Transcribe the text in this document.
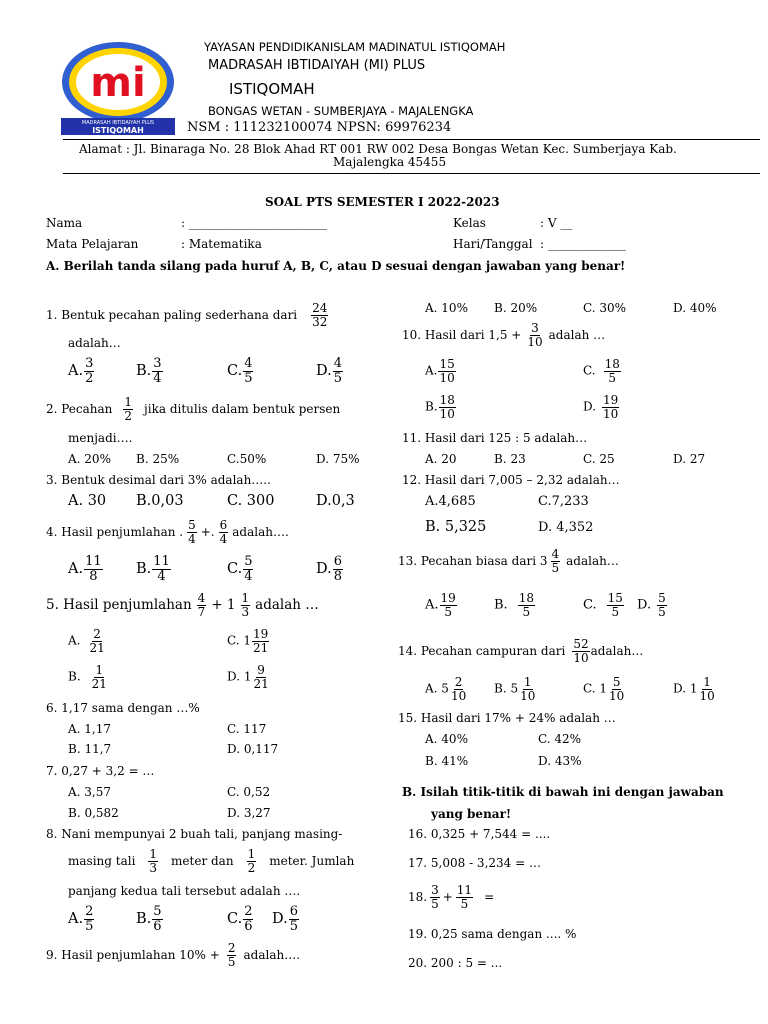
mi
MADRASAH IBTIDAIYAH PLUS
ISTIQOMAH
YAYASAN PENDIDIKANISLAM MADINATUL ISTIQOMAH
MADRASAH IBTIDAIYAH (MI) PLUS
ISTIQOMAH
BONGAS WETAN - SUMBERJAYA - MAJALENGKA
NSM : 111232100074 NPSN: 69976234
Alamat : Jl. Binaraga No. 28 Blok Ahad RT 001 RW 002 Desa Bongas Wetan Kec. Sumberjaya Kab.
Majalengka 45455
SOAL PTS SEMESTER I 2022-2023
Nama	: _______________________	Kelas	: V __
Mata Pelajaran	: Matematika	Hari/Tanggal : _____________
A. Berilah tanda silang pada huruf A, B, C, atau D sesuai dengan jawaban yang benar!
1. Bentuk pecahan paling sederhana dari $\frac{24}{32}$
adalah…
A. $\frac{3}{2}$	B. $\frac{3}{4}$	C. $\frac{4}{5}$	D. $\frac{4}{5}$
2. Pecahan $\frac{1}{2}$ jika ditulis dalam bentuk persen
menjadi….
A. 20% B. 25%	C.50%	D. 75%
3. Bentuk desimal dari 3% adalah…..
A. 30 B.0,03	C. 300	D.0,3
4. Hasil penjumlahan . $\frac{5}{4}$ +. $\frac{6}{4}$ adalah….
A. $\frac{11}{8} B$. $\frac{11}{4}$	C. $\frac{5}{4}$	D. $\frac{6}{8}$
5. Hasil penjumlahan $\frac{4}{7} + 1 \frac{1}{3}$ adalah …
A. $\frac{2}{21}$	C. $1 \frac{19}{21}$
B. $\frac{1}{21}$	D. $1 \frac{9}{21}$
6. 1,17 sama dengan …%
A. 1,17	C. 117
B. 11,7	D. 0,117
7. 0,27 + 3,2 = …
A. 3,57	C. 0,52
B. 0,582	D. 3,27
8. Nani mempunyai 2 buah tali, panjang masing-
masing tali $\frac{1}{3}$ meter dan $\frac{1}{2}$ meter. Jumlah
panjang kedua tali tersebut adalah ….
A. $\frac{2}{5}$	B. $\frac{5}{6}$	C. $\frac{2}{6} D$. $\frac{6}{5}$
9. Hasil penjumlahan $10\% + \frac{2}{5}$ adalah….
A. 10% B. 20%	C. 30%	D. 40%
10. Hasil dari $1,5 + \frac{3}{10}$ adalah …
A. $\frac{15}{10}$	C. $\frac{18}{5}$
B. $\frac{18}{10}$	D. $\frac{19}{10}$
11. Hasil dari 125 : 5 adalah…
A. 20	B. 23	C. 25	D. 27
12. Hasil dari 7,005 – 2,32 adalah…
A.4,685	C.7,233
B. 5,325	D. 4,352
13. Pecahan biasa dari $3 \frac{4}{5}$ adalah…
A. $\frac{19}{5}$	B. $\frac{18}{5}$	C. $\frac{15}{5} D$. $\frac{5}{5}$
14. Pecahan campuran dari $\frac{52}{10}$ adalah…
A. $5 \frac{2}{10} B$. $5 \frac{1}{10}$	C. $1 \frac{5}{10}$	D. $1 \frac{1}{10}$
15. Hasil dari 17% + 24% adalah …
A. 40%	C. 42%
B. 41%	D. 43%
B. Isilah titik-titik di bawah ini dengan jawaban
yang benar!
16. 0,325 + 7,544 = ....
17. 5,008 - 3,234 = …
18. $\frac{3}{5} + \frac{11}{5}$ =
19. 0,25 sama dengan .... %
20. 200 : 5 = ...
